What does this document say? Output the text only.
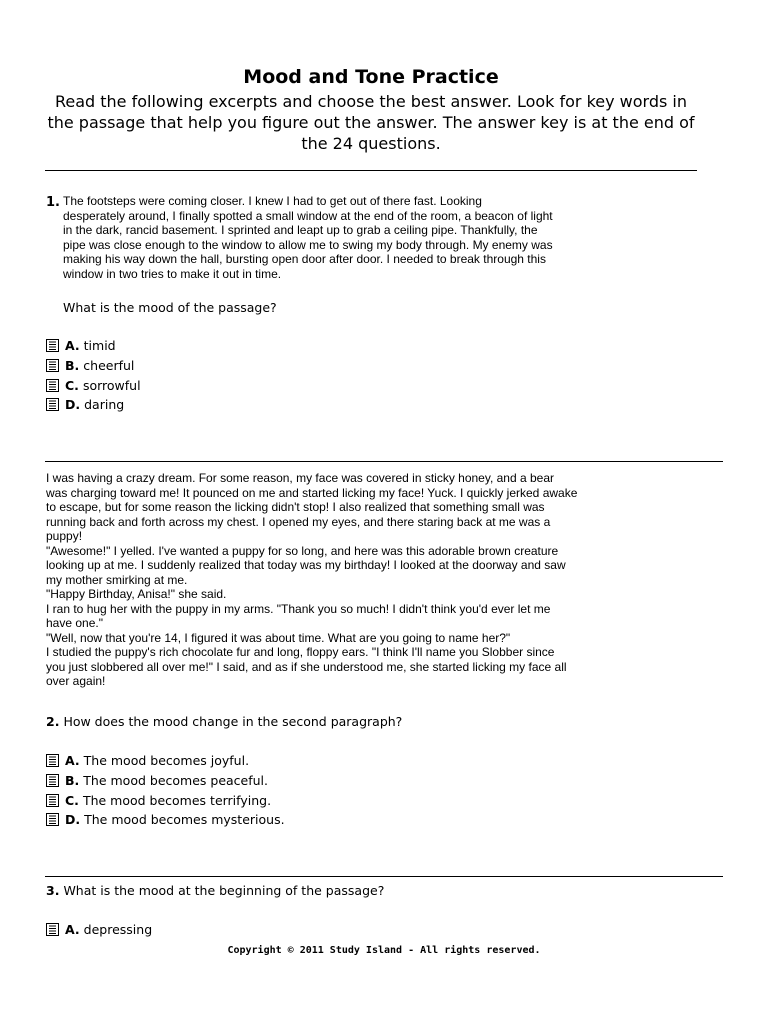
Mood and Tone Practice
Read the following excerpts and choose the best answer. Look for key words in the passage that help you figure out the answer. The answer key is at the end of the 24 questions.
1. The footsteps were coming closer. I knew I had to get out of there fast. Looking
desperately around, I finally spotted a small window at the end of the room, a beacon of light
in the dark, rancid basement. I sprinted and leapt up to grab a ceiling pipe. Thankfully, the
pipe was close enough to the window to allow me to swing my body through. My enemy was
making his way down the hall, bursting open door after door. I needed to break through this
window in two tries to make it out in time.
What is the mood of the passage?
A. timid
B. cheerful
C. sorrowful
D. daring
I was having a crazy dream. For some reason, my face was covered in sticky honey, and a bear
was charging toward me! It pounced on me and started licking my face! Yuck. I quickly jerked awake
to escape, but for some reason the licking didn't stop! I also realized that something small was
running back and forth across my chest. I opened my eyes, and there staring back at me was a
puppy!
"Awesome!" I yelled. I've wanted a puppy for so long, and here was this adorable brown creature
looking up at me. I suddenly realized that today was my birthday! I looked at the doorway and saw
my mother smirking at me.
"Happy Birthday, Anisa!" she said.
I ran to hug her with the puppy in my arms. "Thank you so much! I didn't think you'd ever let me
have one."
"Well, now that you're 14, I figured it was about time. What are you going to name her?"
I studied the puppy's rich chocolate fur and long, floppy ears. "I think I'll name you Slobber since
you just slobbered all over me!" I said, and as if she understood me, she started licking my face all
over again!
2. How does the mood change in the second paragraph?
A. The mood becomes joyful.
B. The mood becomes peaceful.
C. The mood becomes terrifying.
D. The mood becomes mysterious.
3. What is the mood at the beginning of the passage?
A. depressing
Copyright © 2011 Study Island - All rights reserved.
